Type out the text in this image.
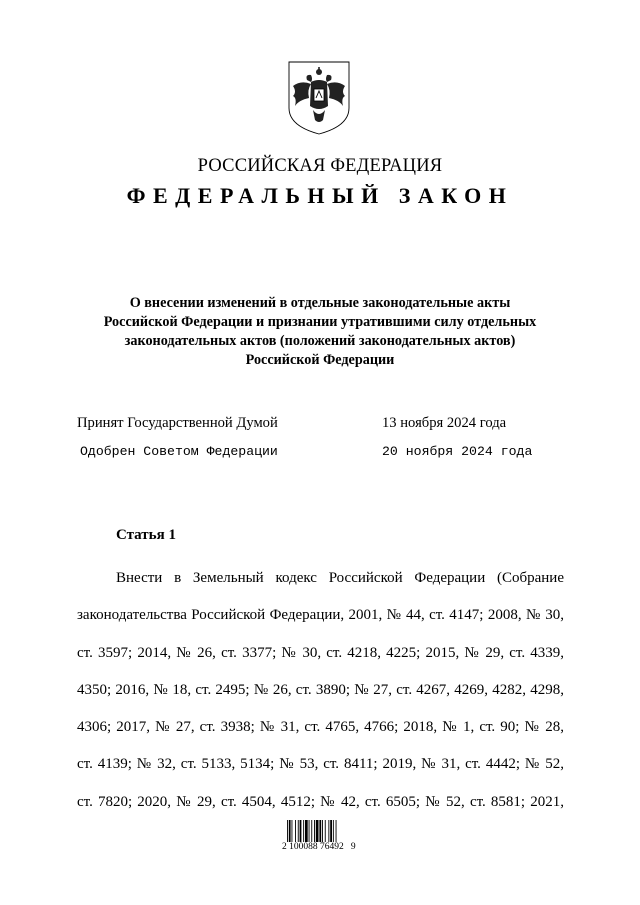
РОССИЙСКАЯ ФЕДЕРАЦИЯ
ФЕДЕРАЛЬНЫЙ ЗАКОН
О внесении изменений в отдельные законодательные акты
Российской Федерации и признании утратившими силу отдельных
законодательных актов (положений законодательных актов)
Российской Федерации
Принят Государственной Думой	13 ноября 2024 года
Одобрен Советом Федерации	20 ноября 2024 года
Статья 1
Внести в Земельный кодекс Российской Федерации (Собрание
законодательства Российской Федерации, 2001, № 44, ст. 4147; 2008, № 30,
ст. 3597; 2014, № 26, ст. 3377; № 30, ст. 4218, 4225; 2015, № 29, ст. 4339,
4350; 2016, № 18, ст. 2495; № 26, ст. 3890; № 27, ст. 4267, 4269, 4282, 4298,
4306; 2017, № 27, ст. 3938; № 31, ст. 4765, 4766; 2018, № 1, ст. 90; № 28,
ст. 4139; № 32, ст. 5133, 5134; № 53, ст. 8411; 2019, № 31, ст. 4442; № 52,
ст. 7820; 2020, № 29, ст. 4504, 4512; № 42, ст. 6505; № 52, ст. 8581; 2021,
2 100088 76492   9
